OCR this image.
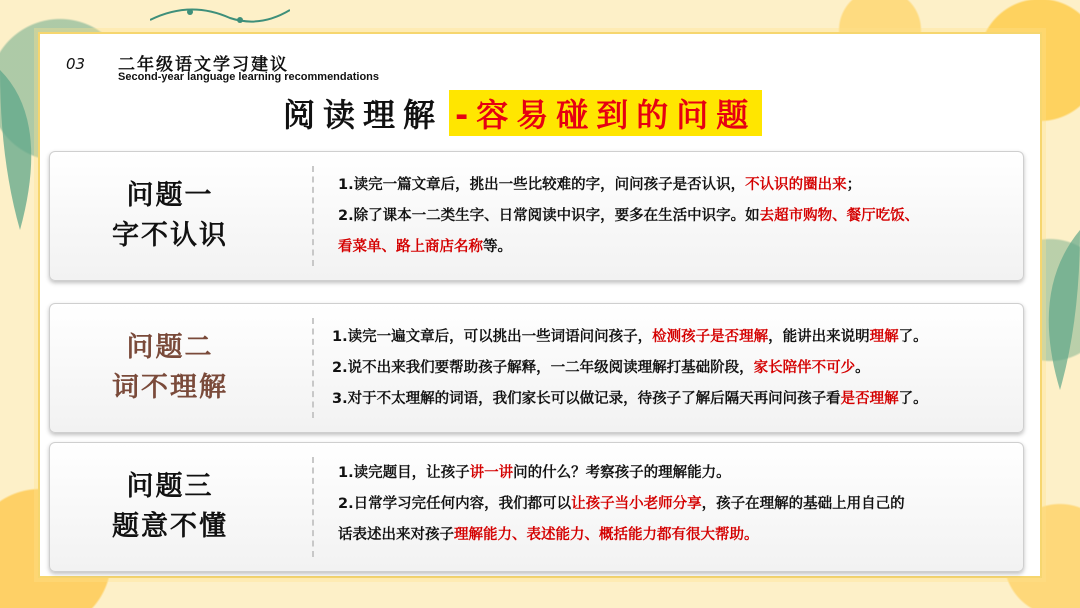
03 二年级语文学习建议
Second-year language learning recommendations
阅读理解 -容易碰到的问题
问题一
字不认识
1.读完一篇文章后，挑出一些比较难的字，问问孩子是否认识，不认识的圈出来；
2.除了课本一二类生字、日常阅读中识字，要多在生活中识字。如去超市购物、餐厅吃饭、
看菜单、路上商店名称等。
问题二
词不理解
1.读完一遍文章后，可以挑出一些词语问问孩子，检测孩子是否理解，能讲出来说明理解了。
2.说不出来我们要帮助孩子解释，一二年级阅读理解打基础阶段，家长陪伴不可少。
3.对于不太理解的词语，我们家长可以做记录，待孩子了解后隔天再问问孩子看是否理解了。
问题三
题意不懂
1.读完题目，让孩子讲一讲问的什么？考察孩子的理解能力。
2.日常学习完任何内容，我们都可以让孩子当小老师分享，孩子在理解的基础上用自己的
话表述出来对孩子理解能力、表述能力、概括能力都有很大帮助。
